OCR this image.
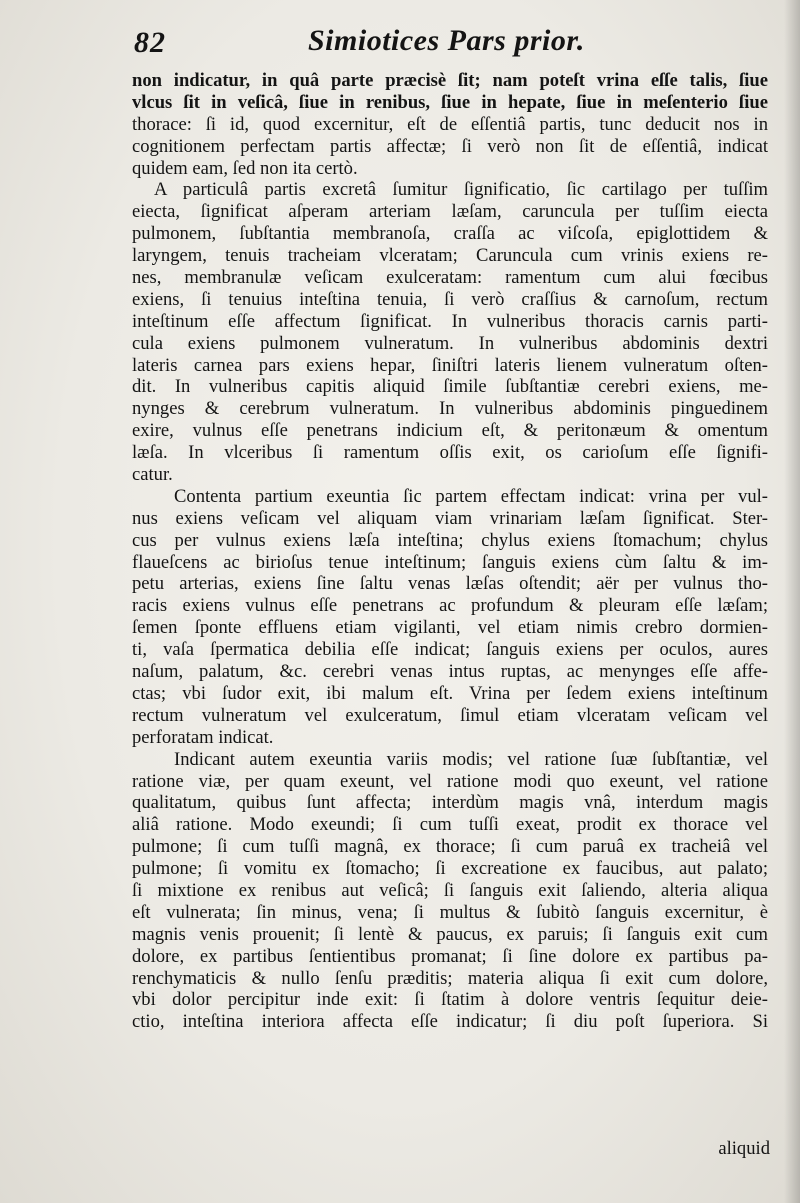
82	Simiotices Pars prior.
non indicatur, in quâ parte præcisè ſit; nam poteſt vrina eſſe talis, ſiue
vlcus ſit in veſicâ, ſiue in renibus, ſiue in hepate, ſiue in meſenterio ſiue
thorace: ſi id, quod excernitur, eſt de eſſentiâ partis, tunc deducit nos in
cognitionem perfectam partis affectæ; ſi verò non ſit de eſſentiâ, indicat
quidem eam, ſed non ita certò.
A particulâ partis excretâ ſumitur ſignificatio, ſic cartilago per tuſſim
eiecta, ſignificat aſperam arteriam læſam, caruncula per tuſſim eiecta
pulmonem, ſubſtantia membranoſa, craſſa ac viſcoſa, epiglottidem &
laryngem, tenuis tracheiam vlceratam; Caruncula cum vrinis exiens re-
nes, membranulæ veſicam exulceratam: ramentum cum alui fœcibus
exiens, ſi tenuius inteſtina tenuia, ſi verò craſſius & carnoſum, rectum
inteſtinum eſſe affectum ſignificat. In vulneribus thoracis carnis parti-
cula exiens pulmonem vulneratum. In vulneribus abdominis dextri
lateris carnea pars exiens hepar, ſiniſtri lateris lienem vulneratum oſten-
dit. In vulneribus capitis aliquid ſimile ſubſtantiæ cerebri exiens, me-
nynges & cerebrum vulneratum. In vulneribus abdominis pinguedinem
exire, vulnus eſſe penetrans indicium eſt, & peritonæum & omentum
læſa. In vlceribus ſi ramentum oſſis exit, os carioſum eſſe ſignifi-
catur.
Contenta partium exeuntia ſic partem effectam indicat: vrina per vul-
nus exiens veſicam vel aliquam viam vrinariam læſam ſignificat. Ster-
cus per vulnus exiens læſa inteſtina; chylus exiens ſtomachum; chylus
flaueſcens ac birioſus tenue inteſtinum; ſanguis exiens cùm ſaltu & im-
petu arterias, exiens ſine ſaltu venas læſas oſtendit; aër per vulnus tho-
racis exiens vulnus eſſe penetrans ac profundum & pleuram eſſe læſam;
ſemen ſponte effluens etiam vigilanti, vel etiam nimis crebro dormien-
ti, vaſa ſpermatica debilia eſſe indicat; ſanguis exiens per oculos, aures
naſum, palatum, &c. cerebri venas intus ruptas, ac menynges eſſe affe-
ctas; vbi ſudor exit, ibi malum eſt. Vrina per ſedem exiens inteſtinum
rectum vulneratum vel exulceratum, ſimul etiam vlceratam veſicam vel
perforatam indicat.
Indicant autem exeuntia variis modis; vel ratione ſuæ ſubſtantiæ, vel
ratione viæ, per quam exeunt, vel ratione modi quo exeunt, vel ratione
qualitatum, quibus ſunt affecta; interdùm magis vnâ, interdum magis
aliâ ratione. Modo exeundi; ſi cum tuſſi exeat, prodit ex thorace vel
pulmone; ſi cum tuſſi magnâ, ex thorace; ſi cum paruâ ex tracheiâ vel
pulmone; ſi vomitu ex ſtomacho; ſi excreatione ex faucibus, aut palato;
ſi mixtione ex renibus aut veſicâ; ſi ſanguis exit ſaliendo, alteria aliqua
eſt vulnerata; ſin minus, vena; ſi multus & ſubitò ſanguis excernitur, è
magnis venis prouenit; ſi lentè & paucus, ex paruis; ſi ſanguis exit cum
dolore, ex partibus ſentientibus promanat; ſi ſine dolore ex partibus pa-
renchymaticis & nullo ſenſu præditis; materia aliqua ſi exit cum dolore,
vbi dolor percipitur inde exit: ſi ſtatim à dolore ventris ſequitur deie-
ctio, inteſtina interiora affecta eſſe indicatur; ſi diu poſt ſuperiora. Si
aliquid
